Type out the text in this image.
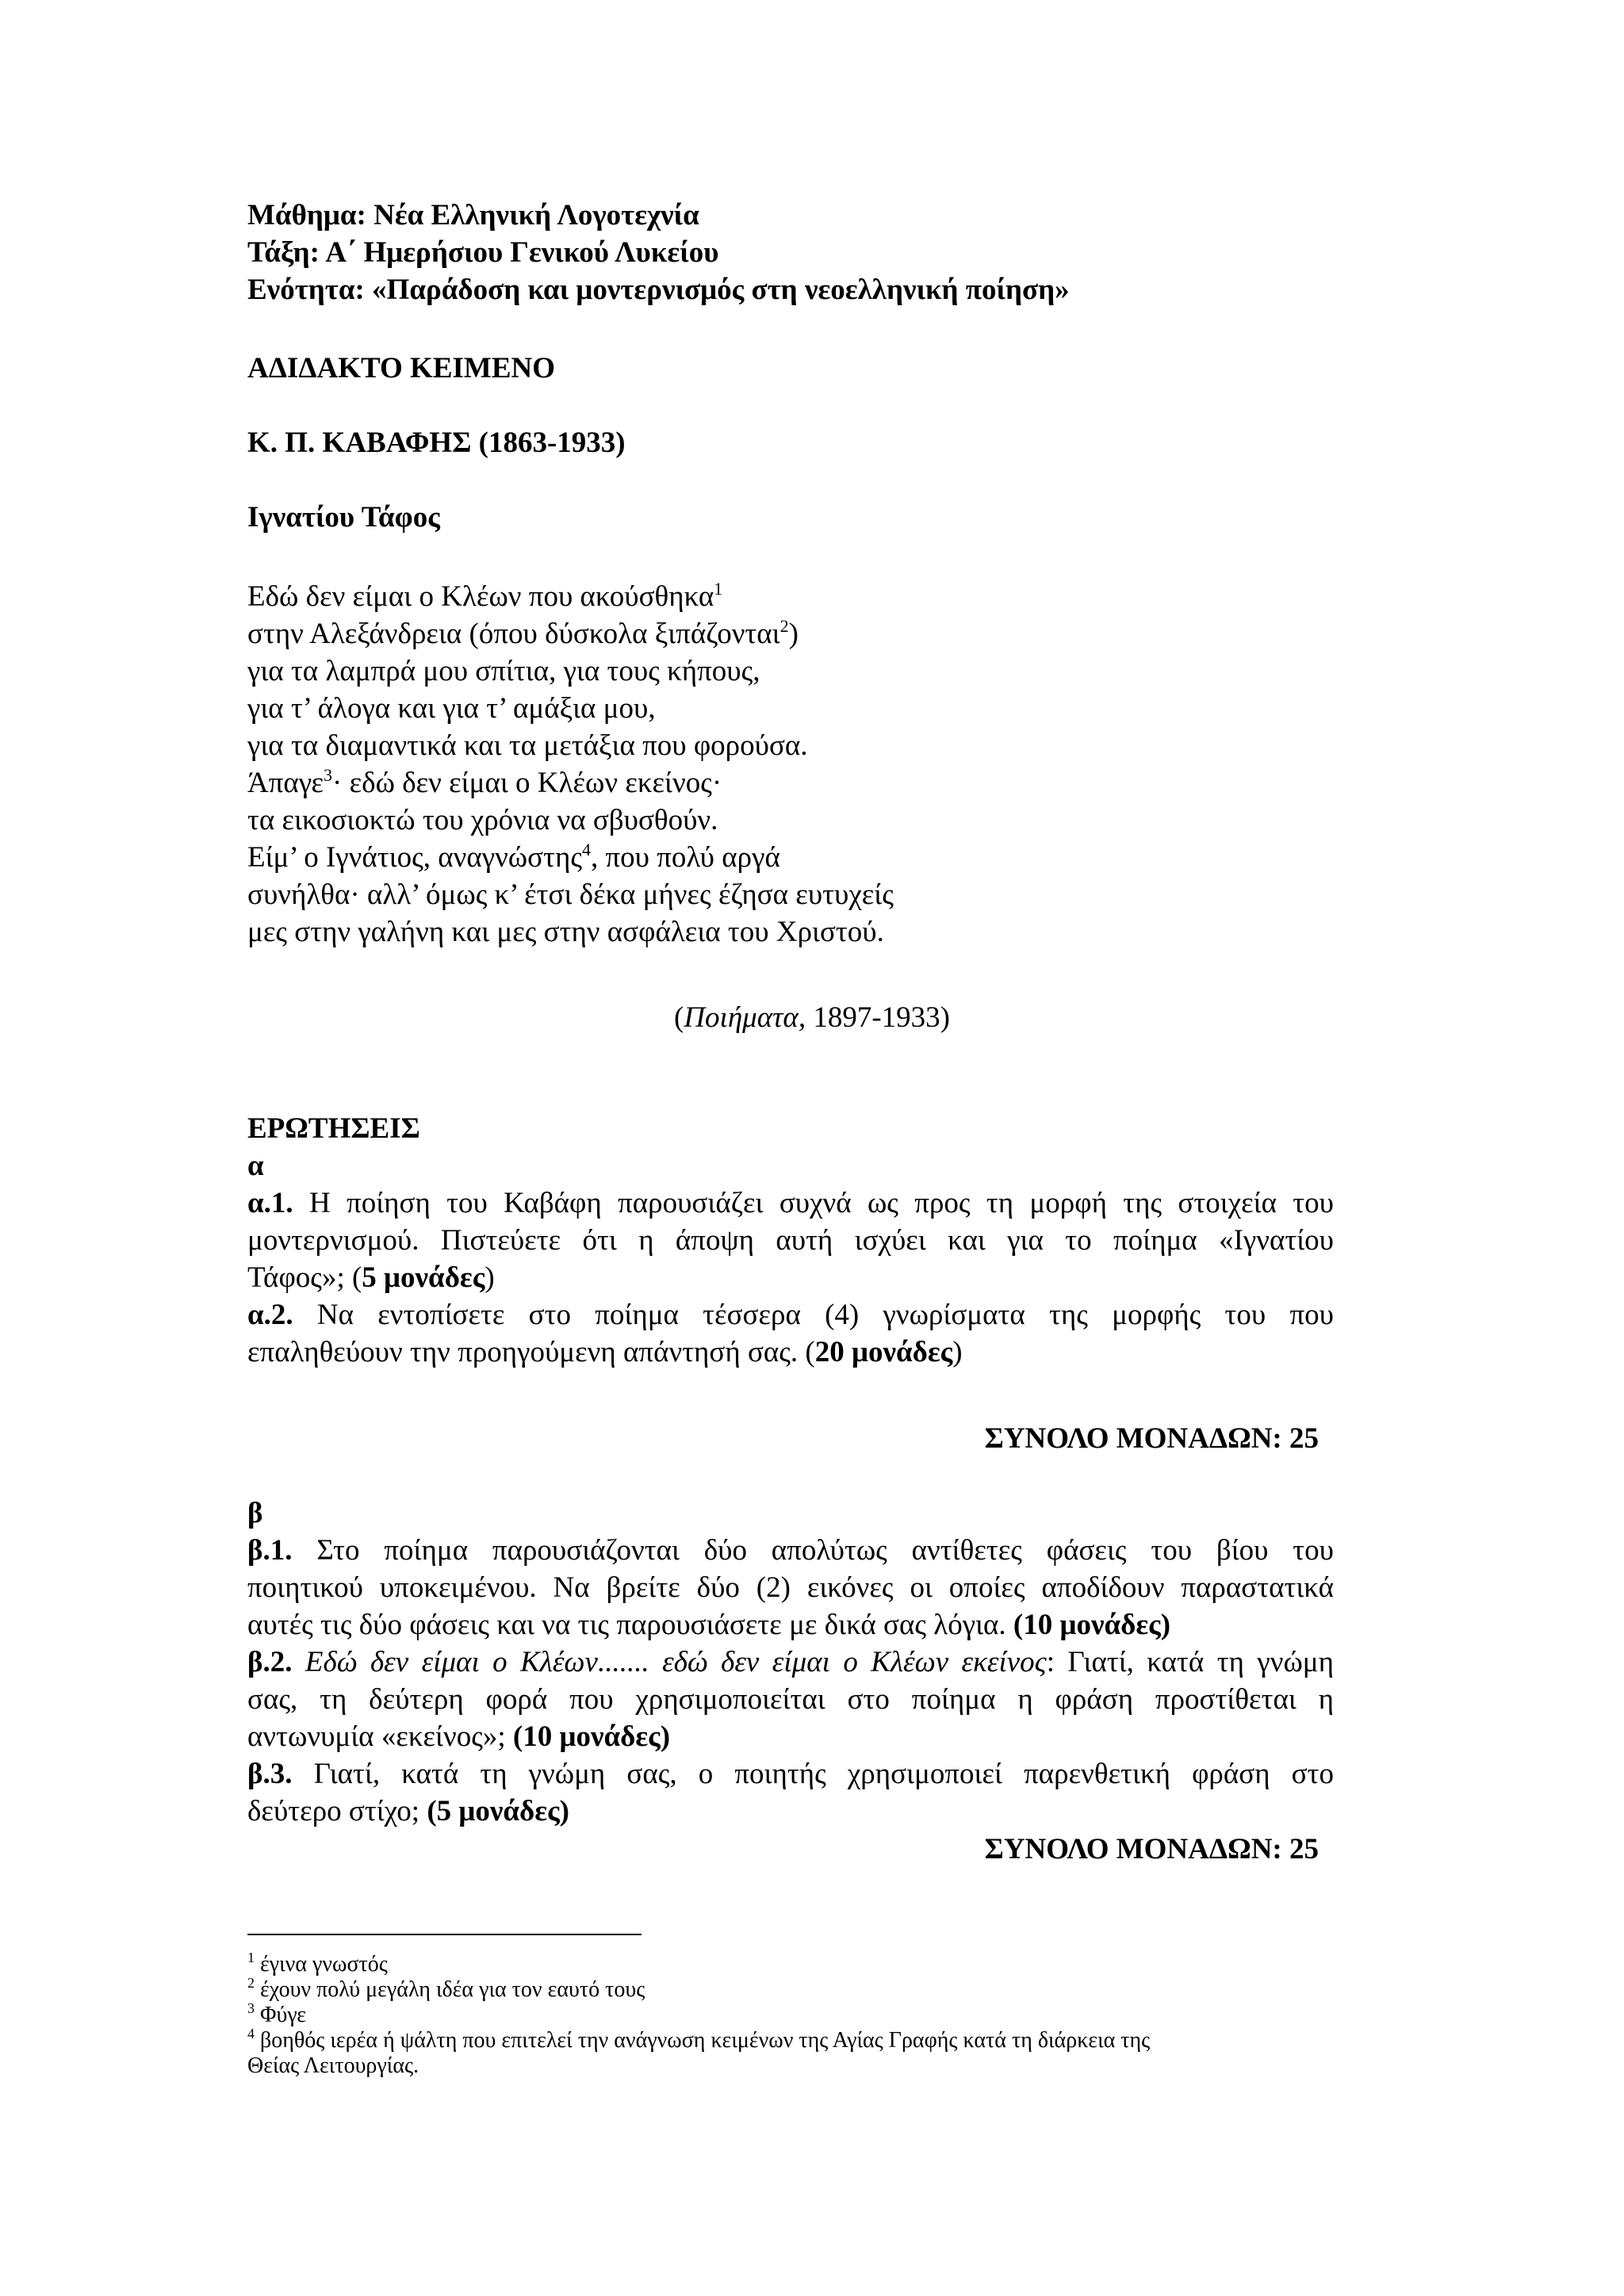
Μάθημα: Νέα Ελληνική Λογοτεχνία
Τάξη: Α΄ Ημερήσιου Γενικού Λυκείου
Ενότητα: «Παράδοση και μοντερνισμός στη νεοελληνική ποίηση»
ΑΔΙΔΑΚΤΟ ΚΕΙΜΕΝΟ
Κ. Π. ΚΑΒΑΦΗΣ (1863-1933)
Ιγνατίου Τάφος
Εδώ δεν είμαι ο Κλέων που ακούσθηκα$^1$
στην Αλεξάνδρεια (όπου δύσκολα ξιπάζονται$^2$)
για τα λαμπρά μου σπίτια, για τους κήπους,
για τ’ άλογα και για τ’ αμάξια μου,
για τα διαμαντικά και τα μετάξια που φορούσα.
Άπαγε$^3$· εδώ δεν είμαι ο Κλέων εκείνος·
τα εικοσιοκτώ του χρόνια να σβυσθούν.
Είμ’ ο Ιγνάτιος, αναγνώστης$^4$, που πολύ αργά
συνήλθα· αλλ’ όμως κ’ έτσι δέκα μήνες έζησα ευτυχείς
μες στην γαλήνη και μες στην ασφάλεια του Χριστού.
(Ποιήματα, 1897-1933)
ΕΡΩΤΗΣΕΙΣ
α
α.1. Η ποίηση του Καβάφη παρουσιάζει συχνά ως προς τη μορφή της στοιχεία του
μοντερνισμού. Πιστεύετε ότι η άποψη αυτή ισχύει και για το ποίημα «Ιγνατίου
Τάφος»; (5 μονάδες)
α.2. Να εντοπίσετε στο ποίημα τέσσερα (4) γνωρίσματα της μορφής του που
επαληθεύουν την προηγούμενη απάντησή σας. (20 μονάδες)
ΣΥΝΟΛΟ ΜΟΝΑΔΩΝ: 25
β
β.1. Στο ποίημα παρουσιάζονται δύο απολύτως αντίθετες φάσεις του βίου του
ποιητικού υποκειμένου. Να βρείτε δύο (2) εικόνες οι οποίες αποδίδουν παραστατικά
αυτές τις δύο φάσεις και να τις παρουσιάσετε με δικά σας λόγια. (10 μονάδες)
β.2. Εδώ δεν είμαι ο Κλέων....... εδώ δεν είμαι ο Κλέων εκείνος: Γιατί, κατά τη γνώμη
σας, τη δεύτερη φορά που χρησιμοποιείται στο ποίημα η φράση προστίθεται η
αντωνυμία «εκείνος»; (10 μονάδες)
β.3. Γιατί, κατά τη γνώμη σας, ο ποιητής χρησιμοποιεί παρενθετική φράση στο
δεύτερο στίχο; (5 μονάδες)
ΣΥΝΟΛΟ ΜΟΝΑΔΩΝ: 25
$^1$ έγινα γνωστός
$^2$ έχουν πολύ μεγάλη ιδέα για τον εαυτό τους
$^3$ Φύγε
$^4$ βοηθός ιερέα ή ψάλτη που επιτελεί την ανάγνωση κειμένων της Αγίας Γραφής κατά τη διάρκεια της
Θείας Λειτουργίας.
